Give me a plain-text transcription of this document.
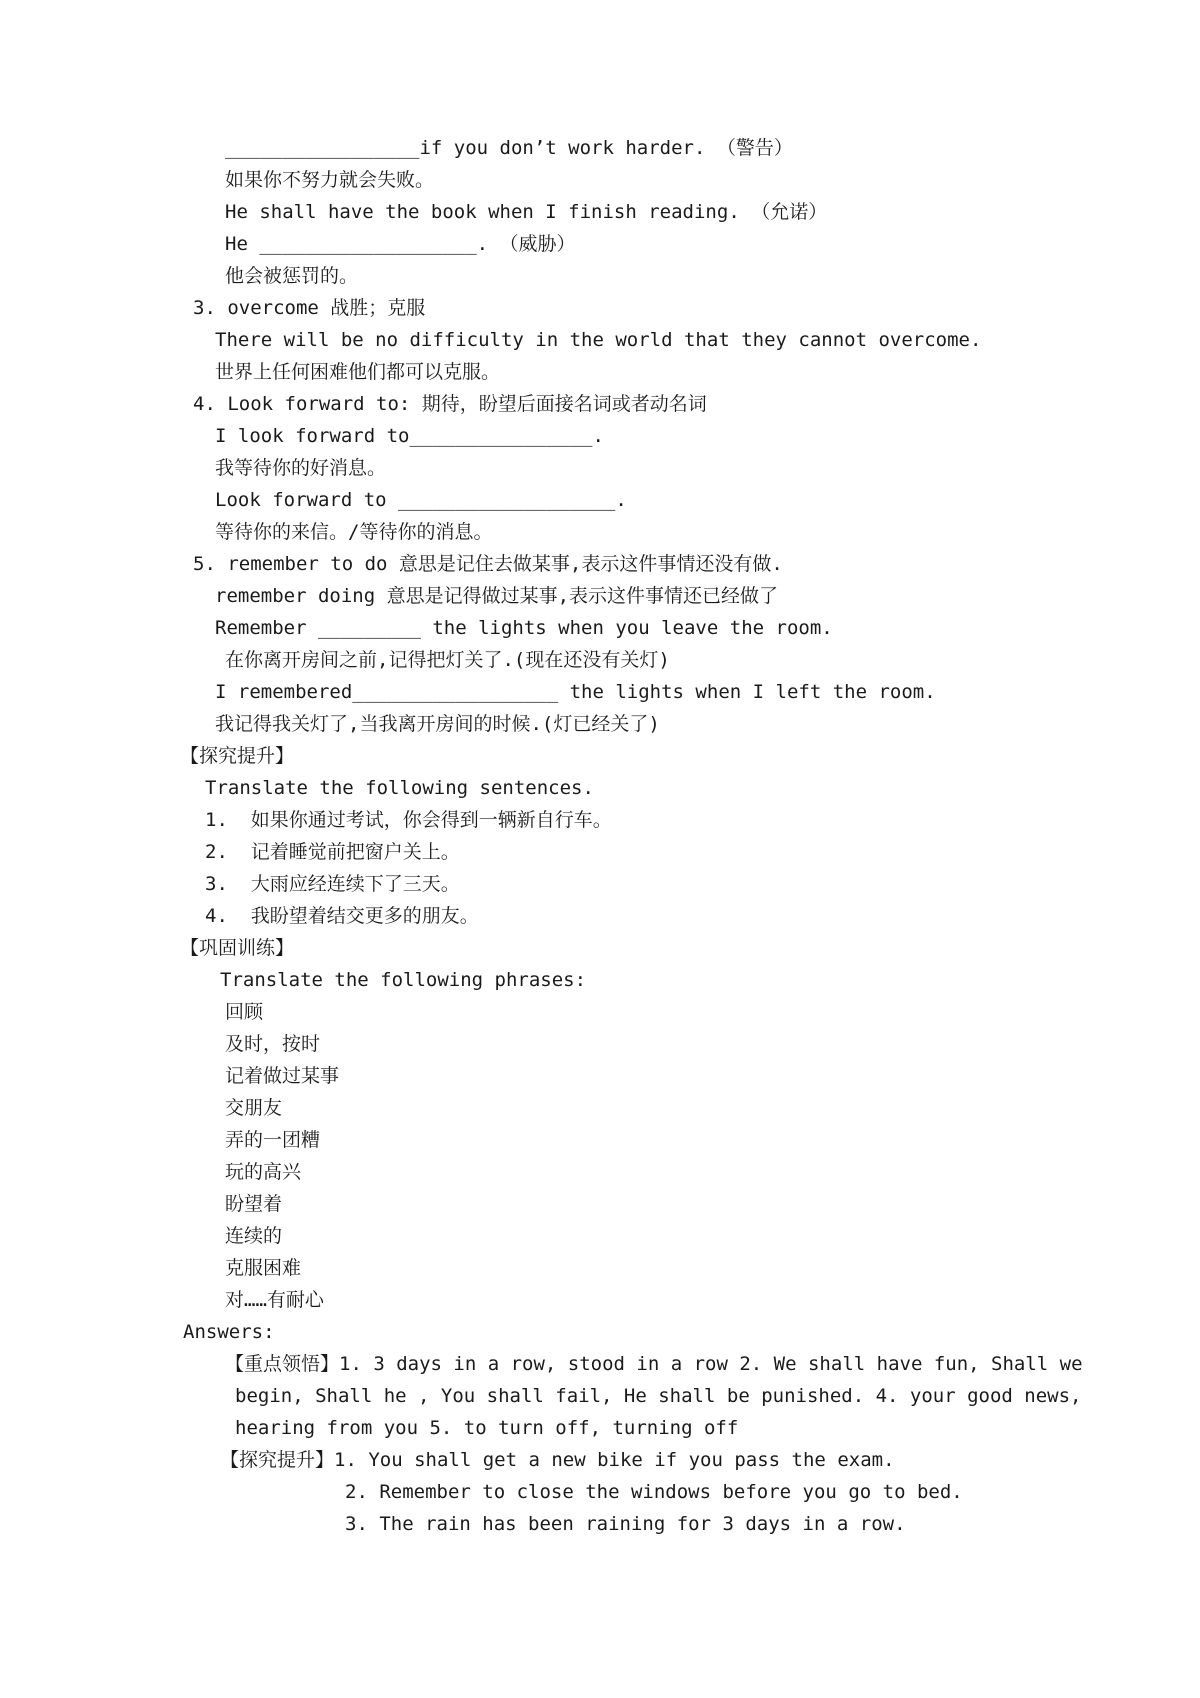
_________________if you don’t work harder. （警告）
如果你不努力就会失败。
He shall have the book when I finish reading. （允诺）
He ___________________. （威胁）
他会被惩罚的。
3. overcome 战胜；克服
There will be no difficulty in the world that they cannot overcome.
世界上任何困难他们都可以克服。
4. Look forward to: 期待，盼望后面接名词或者动名词
I look forward to________________.
我等待你的好消息。
Look forward to ___________________.
等待你的来信。/等待你的消息。
5. remember to do 意思是记住去做某事,表示这件事情还没有做.
remember doing 意思是记得做过某事,表示这件事情还已经做了
Remember _________ the lights when you leave the room.
在你离开房间之前,记得把灯关了.(现在还没有关灯)
I remembered__________________ the lights when I left the room.
我记得我关灯了,当我离开房间的时候.(灯已经关了)
【探究提升】
Translate the following sentences.
1.  如果你通过考试，你会得到一辆新自行车。
2.  记着睡觉前把窗户关上。
3.  大雨应经连续下了三天。
4.  我盼望着结交更多的朋友。
【巩固训练】
Translate the following phrases:
回顾
及时，按时
记着做过某事
交朋友
弄的一团糟
玩的高兴
盼望着
连续的
克服困难
对……有耐心
Answers:
【重点领悟】1. 3 days in a row, stood in a row 2. We shall have fun, Shall we
begin, Shall he , You shall fail, He shall be punished. 4. your good news,
hearing from you 5. to turn off, turning off
【探究提升】1. You shall get a new bike if you pass the exam.
2. Remember to close the windows before you go to bed.
3. The rain has been raining for 3 days in a row.
